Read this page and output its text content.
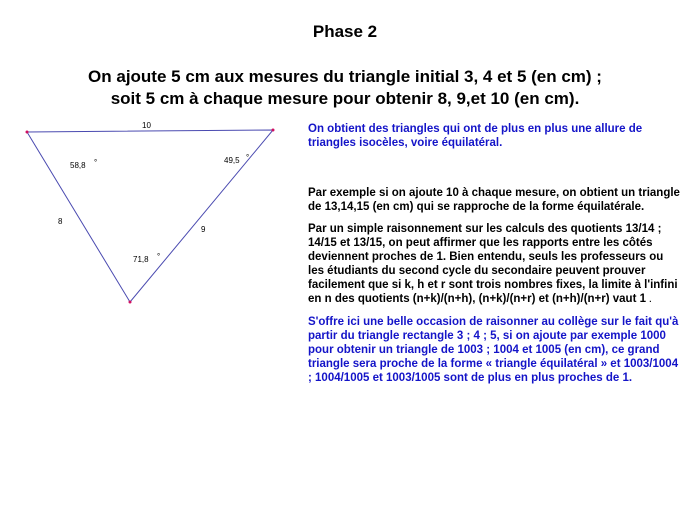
Phase 2
On ajoute 5 cm aux mesures du triangle initial 3, 4 et 5 (en cm) ;
soit 5 cm à chaque mesure pour obtenir 8, 9,et 10 (en cm).
10
8
9
58,8 °	49,5 °
71,8 °

On obtient des triangles qui ont de plus en plus une allure de triangles isocèles, voire équilatéral.

Par exemple si on ajoute 10 à chaque mesure, on obtient un triangle de 13,14,15 (en cm) qui se rapproche de la forme équilatérale.

Par un simple raisonnement sur les calculs des quotients 13/14 ; 14/15 et 13/15, on peut affirmer que les rapports entre les côtés deviennent proches de 1. Bien entendu, seuls les professeurs ou les étudiants du second cycle du secondaire peuvent prouver facilement que si k, h et r sont trois nombres fixes, la limite à l'infini en n des quotients (n+k)/(n+h), (n+k)/(n+r) et (n+h)/(n+r) vaut 1 .

S'offre ici une belle occasion de raisonner au collège sur le fait qu'à partir du triangle rectangle 3 ; 4 ; 5, si on ajoute par exemple 1000 pour obtenir un triangle de 1003 ; 1004 et 1005 (en cm), ce grand triangle sera proche de la forme « triangle équilatéral » et 1003/1004 ; 1004/1005 et 1003/1005 sont de plus en plus proches de 1.
